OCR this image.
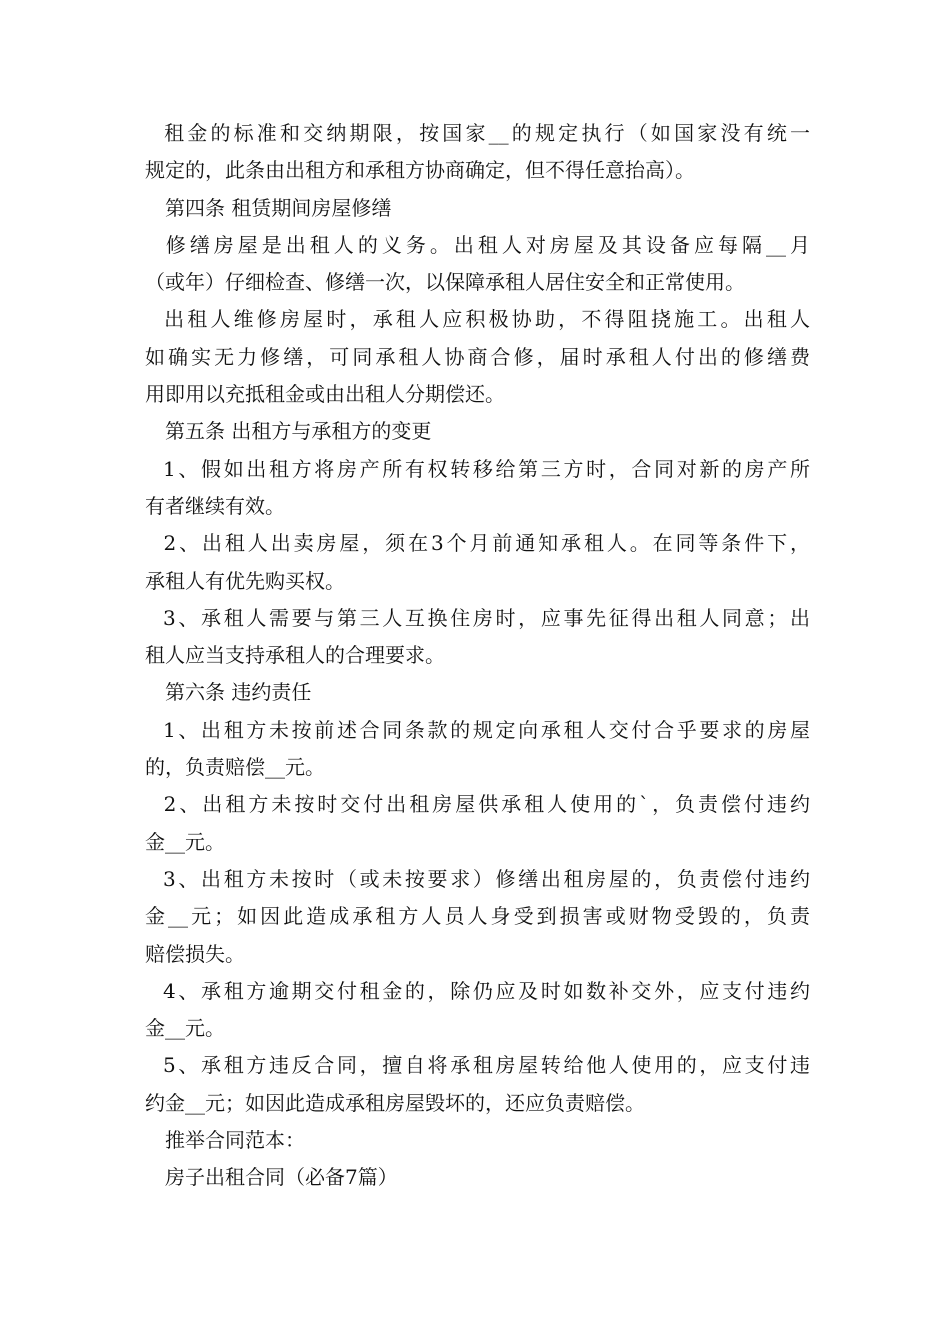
租金的标准和交纳期限，按国家__的规定执行（如国家没有统一
规定的，此条由出租方和承租方协商确定，但不得任意抬高）。
第四条 租赁期间房屋修缮
修缮房屋是出租人的义务。出租人对房屋及其设备应每隔__月
（或年）仔细检查、修缮一次，以保障承租人居住安全和正常使用。
出租人维修房屋时，承租人应积极协助，不得阻挠施工。出租人
如确实无力修缮，可同承租人协商合修，届时承租人付出的修缮费
用即用以充抵租金或由出租人分期偿还。
第五条 出租方与承租方的变更
1、假如出租方将房产所有权转移给第三方时，合同对新的房产所
有者继续有效。
2、出租人出卖房屋，须在3个月前通知承租人。在同等条件下，
承租人有优先购买权。
3、承租人需要与第三人互换住房时，应事先征得出租人同意；出
租人应当支持承租人的合理要求。
第六条 违约责任
1、出租方未按前述合同条款的规定向承租人交付合乎要求的房屋
的，负责赔偿__元。
2、出租方未按时交付出租房屋供承租人使用的`，负责偿付违约
金__元。
3、出租方未按时（或未按要求）修缮出租房屋的，负责偿付违约
金__元；如因此造成承租方人员人身受到损害或财物受毁的，负责
赔偿损失。
4、承租方逾期交付租金的，除仍应及时如数补交外，应支付违约
金__元。
5、承租方违反合同，擅自将承租房屋转给他人使用的，应支付违
约金__元；如因此造成承租房屋毁坏的，还应负责赔偿。
推举合同范本：
房子出租合同（必备7篇）
